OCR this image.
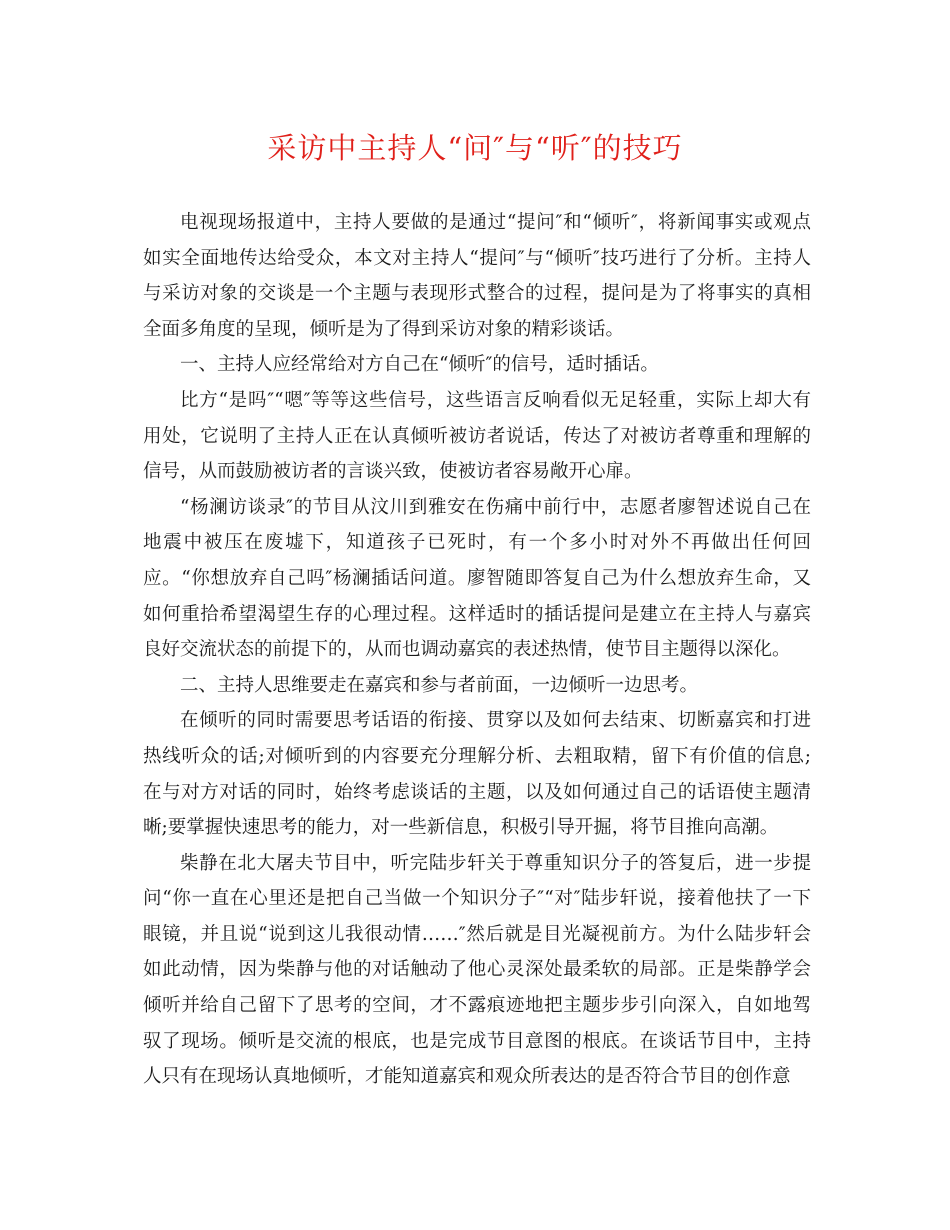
采访中主持人“问″与“听″的技巧
电视现场报道中，主持人要做的是通过“提问″和“倾听″，将新闻事实或观点
如实全面地传达给受众，本文对主持人“提问″与“倾听″技巧进行了分析。主持人
与采访对象的交谈是一个主题与表现形式整合的过程，提问是为了将事实的真相
全面多角度的呈现，倾听是为了得到采访对象的精彩谈话。
一、主持人应经常给对方自己在“倾听″的信号，适时插话。
比方“是吗″“嗯″等等这些信号，这些语言反响看似无足轻重，实际上却大有
用处，它说明了主持人正在认真倾听被访者说话，传达了对被访者尊重和理解的
信号，从而鼓励被访者的言谈兴致，使被访者容易敞开心扉。
“杨澜访谈录″的节目从汶川到雅安在伤痛中前行中，志愿者廖智述说自己在
地震中被压在废墟下，知道孩子已死时，有一个多小时对外不再做出任何回
应。“你想放弃自己吗″杨澜插话问道。廖智随即答复自己为什么想放弃生命，又
如何重拾希望渴望生存的心理过程。这样适时的插话提问是建立在主持人与嘉宾
良好交流状态的前提下的，从而也调动嘉宾的表述热情，使节目主题得以深化。
二、主持人思维要走在嘉宾和参与者前面，一边倾听一边思考。
在倾听的同时需要思考话语的衔接、贯穿以及如何去结束、切断嘉宾和打进
热线听众的话;对倾听到的内容要充分理解分析、去粗取精，留下有价值的信息;
在与对方对话的同时，始终考虑谈话的主题，以及如何通过自己的话语使主题清
晰;要掌握快速思考的能力，对一些新信息，积极引导开掘，将节目推向高潮。
柴静在北大屠夫节目中，听完陆步轩关于尊重知识分子的答复后，进一步提
问“你一直在心里还是把自己当做一个知识分子″“对″陆步轩说，接着他扶了一下
眼镜，并且说“说到这儿我很动情……″然后就是目光凝视前方。为什么陆步轩会
如此动情，因为柴静与他的对话触动了他心灵深处最柔软的局部。正是柴静学会
倾听并给自己留下了思考的空间，才不露痕迹地把主题步步引向深入，自如地驾
驭了现场。倾听是交流的根底，也是完成节目意图的根底。在谈话节目中，主持
人只有在现场认真地倾听，才能知道嘉宾和观众所表达的是否符合节目的创作意
